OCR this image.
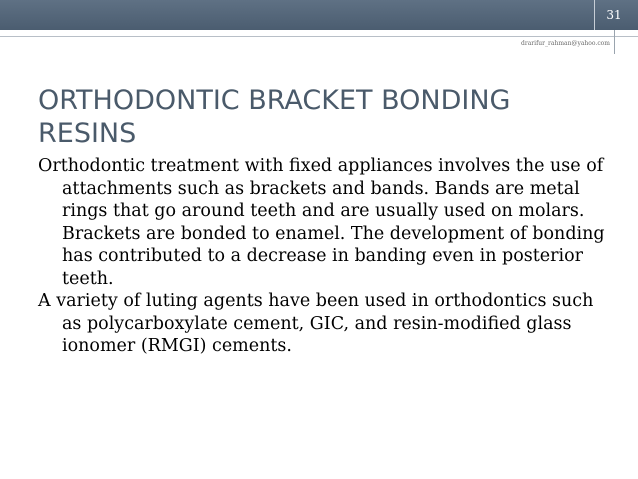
31
drarifur_rahman@yahoo.com
ORTHODONTIC BRACKET BONDING
RESINS

Orthodontic treatment with fixed appliances involves the use of attachments such as brackets and bands. Bands are metal rings that go around teeth and are usually used on molars. Brackets are bonded to enamel. The development of bonding has contributed to a decrease in banding even in posterior teeth.

A variety of luting agents have been used in orthodontics such as polycarboxylate cement, GIC, and resin-modified glass ionomer (RMGI) cements.
